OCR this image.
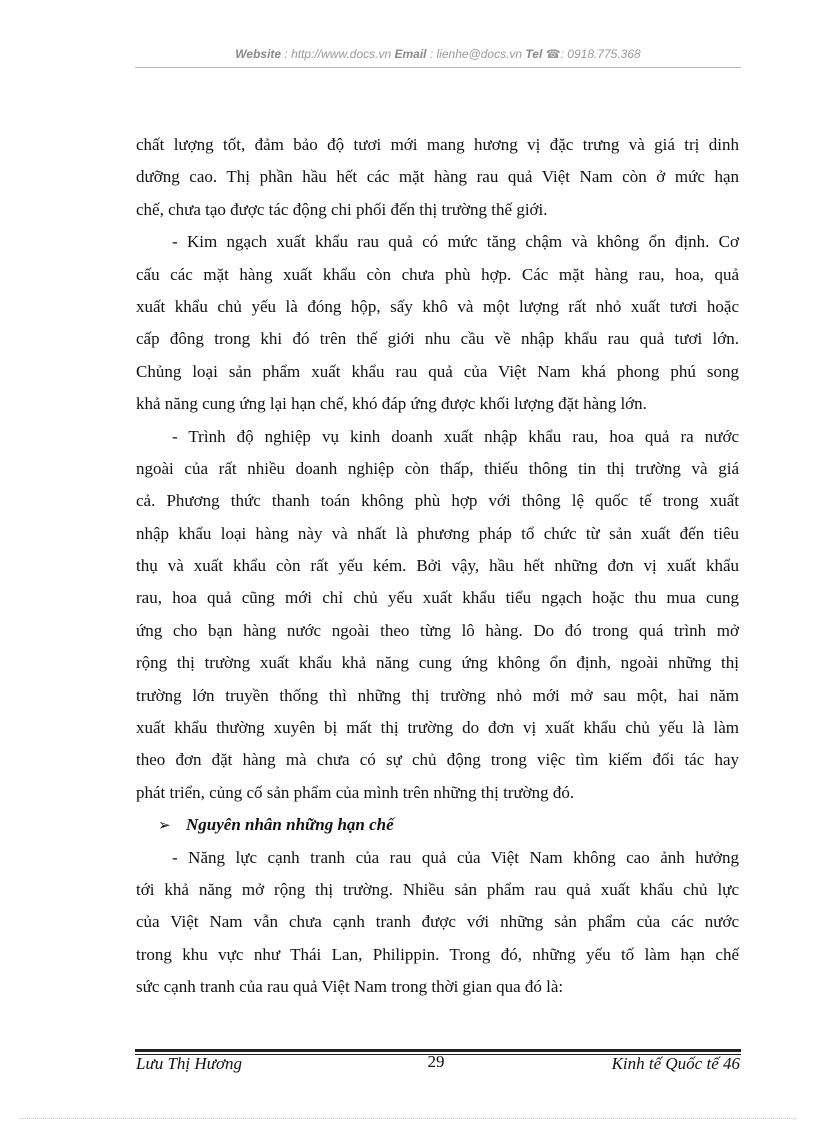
Website : http://www.docs.vn Email : lienhe@docs.vn Tel ☎: 0918.775.368
chất lượng tốt, đảm bảo độ tươi mới mang hương vị đặc trưng và giá trị dinh
dưỡng cao. Thị phần hầu hết các mặt hàng rau quả Việt Nam còn ở mức hạn
chế, chưa tạo được tác động chi phối đến thị trường thế giới.
- Kim ngạch xuất khẩu rau quả có mức tăng chậm và không ổn định. Cơ
cấu các mặt hàng xuất khẩu còn chưa phù hợp. Các mặt hàng rau, hoa, quả
xuất khẩu chủ yếu là đóng hộp, sấy khô và một lượng rất nhỏ xuất tươi hoặc
cấp đông trong khi đó trên thế giới nhu cầu về nhập khẩu rau quả tươi lớn.
Chủng loại sản phẩm xuất khẩu rau quả của Việt Nam khá phong phú song
khả năng cung ứng lại hạn chế, khó đáp ứng được khối lượng đặt hàng lớn.
- Trình độ nghiệp vụ kinh doanh xuất nhập khẩu rau, hoa quả ra nước
ngoài của rất nhiều doanh nghiệp còn thấp, thiếu thông tin thị trường và giá
cả. Phương thức thanh toán không phù hợp với thông lệ quốc tế trong xuất
nhập khẩu loại hàng này và nhất là phương pháp tổ chức từ sản xuất đến tiêu
thụ và xuất khẩu còn rất yếu kém. Bởi vậy, hầu hết những đơn vị xuất khẩu
rau, hoa quả cũng mới chỉ chủ yếu xuất khẩu tiểu ngạch hoặc thu mua cung
ứng cho bạn hàng nước ngoài theo từng lô hàng. Do đó trong quá trình mở
rộng thị trường xuất khẩu khả năng cung ứng không ổn định, ngoài những thị
trường lớn truyền thống thì những thị trường nhỏ mới mở sau một, hai năm
xuất khẩu thường xuyên bị mất thị trường do đơn vị xuất khẩu chủ yếu là làm
theo đơn đặt hàng mà chưa có sự chủ động trong việc tìm kiếm đối tác hay
phát triển, củng cố sản phẩm của mình trên những thị trường đó.
➢ Nguyên nhân những hạn chế
- Năng lực cạnh tranh của rau quả của Việt Nam không cao ảnh hưởng
tới khả năng mở rộng thị trường. Nhiều sản phẩm rau quả xuất khẩu chủ lực
của Việt Nam vẫn chưa cạnh tranh được với những sản phẩm của các nước
trong khu vực như Thái Lan, Philippin. Trong đó, những yếu tố làm hạn chế
sức cạnh tranh của rau quả Việt Nam trong thời gian qua đó là:
Lưu Thị Hương	29	Kinh tế Quốc tế 46
